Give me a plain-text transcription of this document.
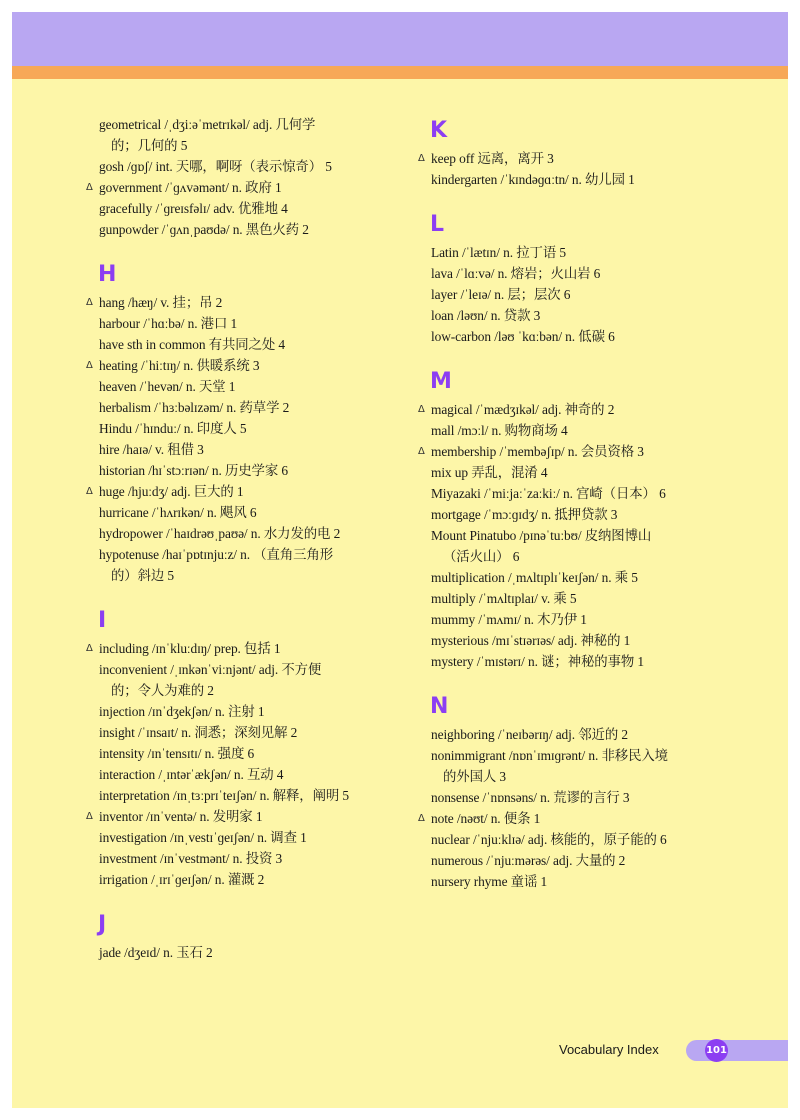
geometrical /ˌdʒiːəˈmetrɪkəl/ adj. 几何学
的；几何的 5
gosh /ɡɒʃ/ int. 天哪，啊呀（表示惊奇） 5
Δ government /ˈɡʌvəmənt/ n. 政府 1
gracefully /ˈɡreɪsfəlɪ/ adv. 优雅地 4
gunpowder /ˈɡʌnˌpaʊdə/ n. 黑色火药 2
H
Δ hang /hæŋ/ v. 挂；吊 2
harbour /ˈhɑːbə/ n. 港口 1
have sth in common 有共同之处 4
Δ heating /ˈhiːtɪŋ/ n. 供暖系统 3
heaven /ˈhevən/ n. 天堂 1
herbalism /ˈhɜːbəlɪzəm/ n. 药草学 2
Hindu /ˈhɪnduː/ n. 印度人 5
hire /haɪə/ v. 租借 3
historian /hɪˈstɔːrɪən/ n. 历史学家 6
Δ huge /hjuːdʒ/ adj. 巨大的 1
hurricane /ˈhʌrɪkən/ n. 飓风 6
hydropower /ˈhaɪdrəʊˌpaʊə/ n. 水力发的电 2
hypotenuse /haɪˈpɒtɪnjuːz/ n. （直角三角形
的）斜边 5
I
Δ including /ɪnˈkluːdɪŋ/ prep. 包括 1
inconvenient /ˌɪnkənˈviːnjənt/ adj. 不方便
的；令人为难的 2
injection /ɪnˈdʒekʃən/ n. 注射 1
insight /ˈɪnsaɪt/ n. 洞悉；深刻见解 2
intensity /ɪnˈtensɪtɪ/ n. 强度 6
interaction /ˌɪntərˈækʃən/ n. 互动 4
interpretation /ɪnˌtɜːprɪˈteɪʃən/ n. 解释，阐明 5
Δ inventor /ɪnˈventə/ n. 发明家 1
investigation /ɪnˌvestɪˈɡeɪʃən/ n. 调查 1
investment /ɪnˈvestmənt/ n. 投资 3
irrigation /ˌɪrɪˈɡeɪʃən/ n. 灌溉 2
J
jade /dʒeɪd/ n. 玉石 2
K
Δ keep off 远离，离开 3
kindergarten /ˈkɪndəɡɑːtn/ n. 幼儿园 1
L
Latin /ˈlætɪn/ n. 拉丁语 5
lava /ˈlɑːvə/ n. 熔岩；火山岩 6
layer /ˈleɪə/ n. 层；层次 6
loan /ləʊn/ n. 贷款 3
low-carbon /ləʊ ˈkɑːbən/ n. 低碳 6
M
Δ magical /ˈmædʒɪkəl/ adj. 神奇的 2
mall /mɔːl/ n. 购物商场 4
Δ membership /ˈmembəʃɪp/ n. 会员资格 3
mix up 弄乱，混淆 4
Miyazaki /ˈmiːjaːˈzaːkiː/ n. 宫崎（日本） 6
mortgage /ˈmɔːɡɪdʒ/ n. 抵押贷款 3
Mount Pinatubo /pɪnəˈtuːbʊ/ 皮纳图博山
（活火山） 6
multiplication /ˌmʌltɪplɪˈkeɪʃən/ n. 乘 5
multiply /ˈmʌltɪplaɪ/ v. 乘 5
mummy /ˈmʌmɪ/ n. 木乃伊 1
mysterious /mɪˈstɪərɪəs/ adj. 神秘的 1
mystery /ˈmɪstərɪ/ n. 谜；神秘的事物 1
N
neighboring /ˈneɪbərɪŋ/ adj. 邻近的 2
nonimmigrant /nɒnˈɪmɪɡrənt/ n. 非移民入境
的外国人 3
nonsense /ˈnɒnsəns/ n. 荒谬的言行 3
Δ note /nəʊt/ n. 便条 1
nuclear /ˈnjuːklɪə/ adj. 核能的，原子能的 6
numerous /ˈnjuːmərəs/ adj. 大量的 2
nursery rhyme 童谣 1
Vocabulary Index	101
